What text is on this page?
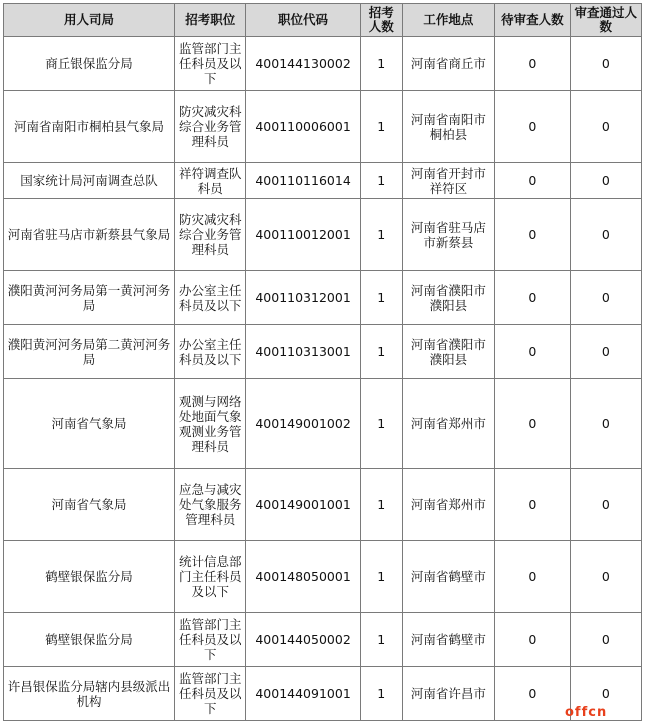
用人司局	招考职位	职位代码	招考人数	工作地点	待审查人数	审查通过人数
商丘银保监分局	监管部门主任科员及以下	400144130002	1	河南省商丘市	0	0
河南省南阳市桐柏县气象局	防灾减灾科综合业务管理科员	400110006001	1	河南省南阳市桐柏县	0	0
国家统计局河南调查总队	祥符调查队科员	400110116014	1	河南省开封市祥符区	0	0
河南省驻马店市新蔡县气象局	防灾减灾科综合业务管理科员	400110012001	1	河南省驻马店市新蔡县	0	0
濮阳黄河河务局第一黄河河务局	办公室主任科员及以下	400110312001	1	河南省濮阳市濮阳县	0	0
濮阳黄河河务局第二黄河河务局	办公室主任科员及以下	400110313001	1	河南省濮阳市濮阳县	0	0
河南省气象局	观测与网络处地面气象观测业务管理科员	400149001002	1	河南省郑州市	0	0
河南省气象局	应急与减灾处气象服务管理科员	400149001001	1	河南省郑州市	0	0
鹤壁银保监分局	统计信息部门主任科员及以下	400148050001	1	河南省鹤壁市	0	0
鹤壁银保监分局	监管部门主任科员及以下	400144050002	1	河南省鹤壁市	0	0
许昌银保监分局辖内县级派出机构	监管部门主任科员及以下	400144091001	1	河南省许昌市	0	0
offcn
